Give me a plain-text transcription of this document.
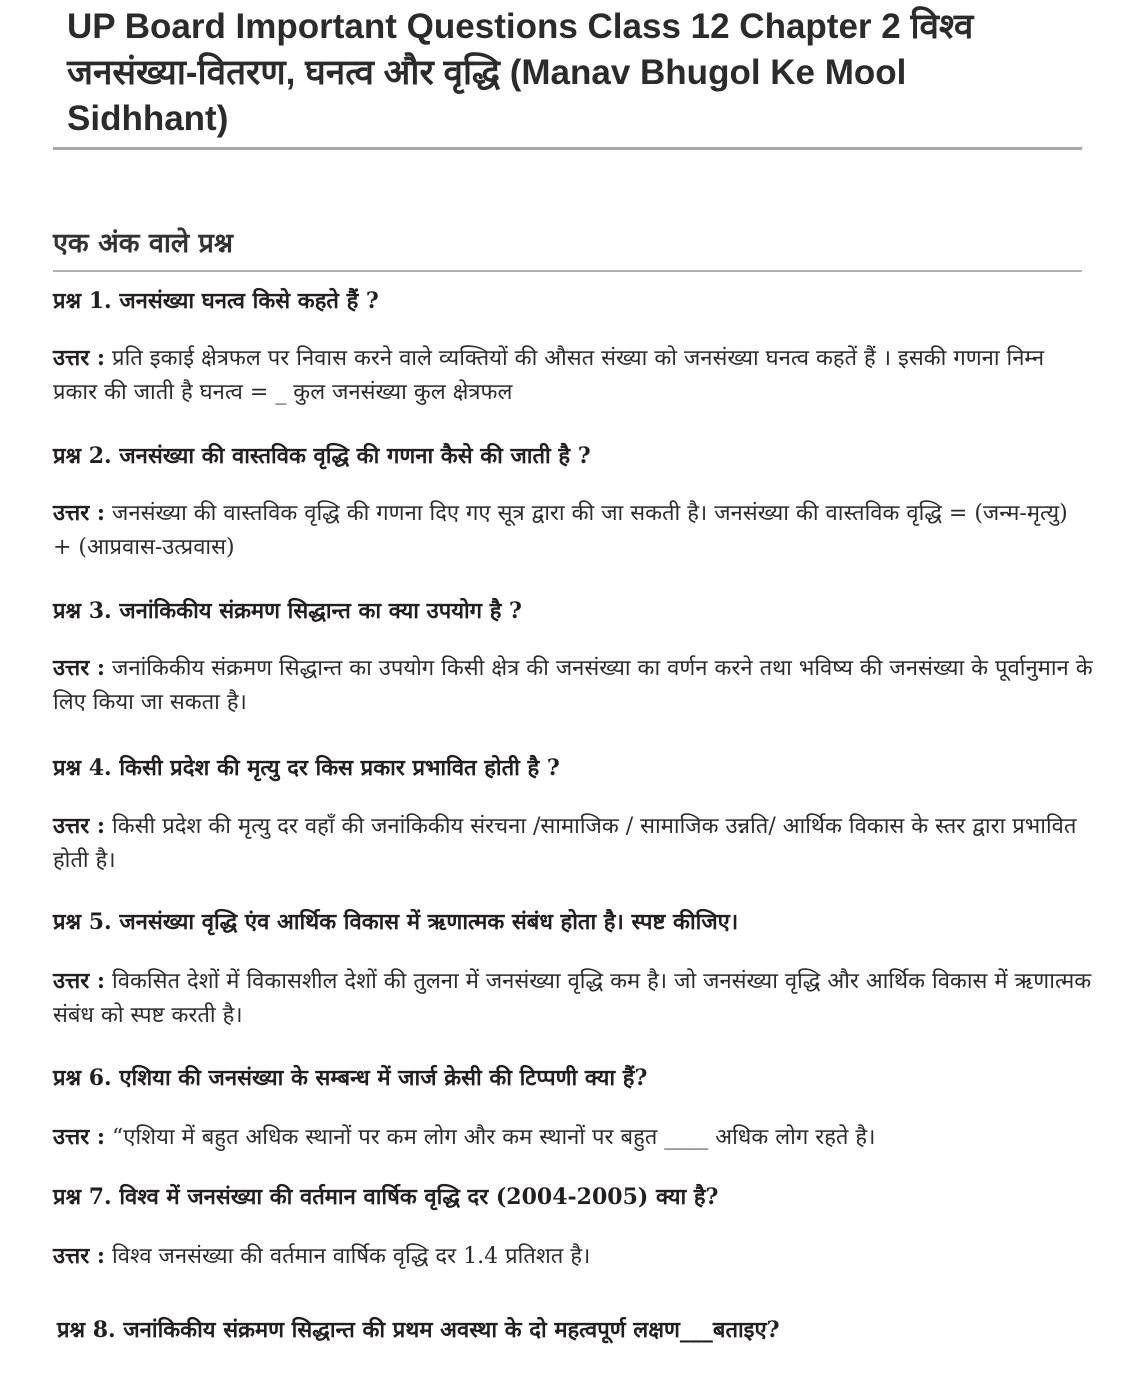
UP Board Important Questions Class 12 Chapter 2 विश्व जनसंख्या-वितरण, घनत्व और वृद्धि (Manav Bhugol Ke Mool Sidhhant)
एक अंक वाले प्रश्न

प्रश्न 1. जनसंख्या घनत्व किसे कहते हैं ?

उत्तर : प्रति इकाई क्षेत्रफल पर निवास करने वाले व्यक्तियों की औसत संख्या को जनसंख्या घनत्व कहतें हैं । इसकी गणना निम्न प्रकार की जाती है घनत्व = _ कुल जनसंख्या कुल क्षेत्रफल

प्रश्न 2. जनसंख्या की वास्तविक वृद्धि की गणना कैसे की जाती है ?

उत्तर : जनसंख्या की वास्तविक वृद्धि की गणना दिए गए सूत्र द्वारा की जा सकती है। जनसंख्या की वास्तविक वृद्धि = (जन्म-मृत्यु) + (आप्रवास-उत्प्रवास)

प्रश्न 3. जनांकिकीय संक्रमण सिद्धान्त का क्या उपयोग है ?

उत्तर : जनांकिकीय संक्रमण सिद्धान्त का उपयोग किसी क्षेत्र की जनसंख्या का वर्णन करने तथा भविष्य की जनसंख्या के पूर्वानुमान के लिए किया जा सकता है।

प्रश्न 4. किसी प्रदेश की मृत्यु दर किस प्रकार प्रभावित होती है ?

उत्तर : किसी प्रदेश की मृत्यु दर वहाँ की जनांकिकीय संरचना /सामाजिक / सामाजिक उन्नति/ आर्थिक विकास के स्तर द्वारा प्रभावित होती है।

प्रश्न 5. जनसंख्या वृद्धि एंव आर्थिक विकास में ऋणात्मक संबंध होता है। स्पष्ट कीजिए।

उत्तर : विकसित देशों में विकासशील देशों की तुलना में जनसंख्या वृद्धि कम है। जो जनसंख्या वृद्धि और आर्थिक विकास में ऋणात्मक संबंध को स्पष्ट करती है।

प्रश्न 6. एशिया की जनसंख्या के सम्बन्ध में जार्ज क्रेसी की टिप्पणी क्या हैं?

उत्तर : “एशिया में बहुत अधिक स्थानों पर कम लोग और कम स्थानों पर बहुत ____ अधिक लोग रहते है।

प्रश्न 7. विश्व में जनसंख्या की वर्तमान वार्षिक वृद्धि दर (2004-2005) क्या है?

उत्तर : विश्व जनसंख्या की वर्तमान वार्षिक वृद्धि दर 1.4 प्रतिशत है।

प्रश्न 8. जनांकिकीय संक्रमण सिद्धान्त की प्रथम अवस्था के दो महत्वपूर्ण लक्षण___बताइए?
